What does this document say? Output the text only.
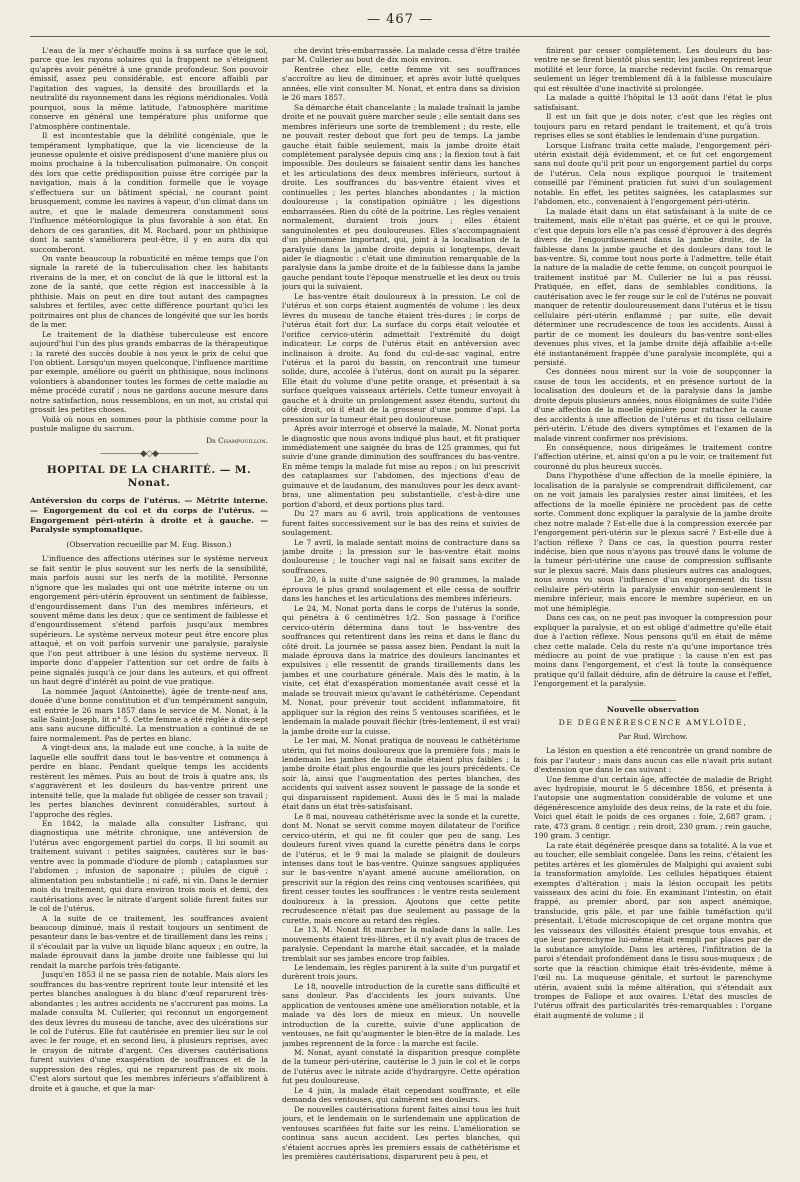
— 467 —

L'eau de la mer s'échauffe moins à sa surface que le sol, parce que les rayons solaires qui la frappent ne s'éteignent qu'après avoir pénétré à une grande profondeur. Son pouvoir émissif, assez peu considérable, est encore affaibli par l'agitation des vagues, la densité des brouillards et la neutralité du rayonnement dans les régions méridionales. Voilà pourquoi, sous la même latitude, l'atmosphère maritime conserve en général une température plus uniforme que l'atmosphère continentale.

Il est incontestable que la débilité congéniale, que le tempérament lymphatique, que la vie licencieuse de la jeunesse opulente et oisive prédisposent d'une manière plus ou moins prochaine à la tuberculisation pulmonaire. On conçoit dès lors que cette prédisposition puisse être corrigée par la navigation, mais à la condition formelle que le voyage s'effectuera sur un bâtiment spécial, ne courant point brusquement, comme les navires à vapeur, d'un climat dans un autre, et que le malade demeurera constamment sous l'influence météorologique la plus favorable à son état. En dehors de ces garanties, dit M. Rochard, pour un phthisique dont la santé s'améliorera peut-être, il y en aura dix qui succomberont.

On vante beaucoup la robusticité en même temps que l'on signale la rareté de la tuberculisation chez les habitants riverains de la mer, et on conclut de là que le littoral est la zone de la santé, que cette région est inaccessible à la phthisie. Mais on peut en dire tout autant des campagnes salubres et fertiles, avec cette différence pourtant qu'ici les poitrinaires ont plus de chances de longévité que sur les bords de la mer.

Le traitement de la diathèse tuberculeuse est encore aujourd'hui l'un des plus grands embarras de la thérapeutique : la rareté des succès double à nos yeux le prix de celui que l'on obtient. Lorsqu'un moyen quelconque, l'influence maritime par exemple, améliore ou guérit un phthisique, nous inclinons volontiers à abandonner toutes les formes de cette maladie au même procédé curatif ; nous ne gardons aucune mesure dans notre satisfaction, nous ressemblons, en un mot, au cristal qui grossit les petites choses.

Voilà où nous en sommes pour la phthisie comme pour la pustule maligne du sacrum.

Dr Champouillon.

—————◆◇◆—————
HOPITAL DE LA CHARITÉ. — M. Nonat.

Antéversion du corps de l'utérus. — Métrite interne. — Engorgement du col et du corps de l'utérus. — Engorgement péri-utérin à droite et à gauche. — Paralysie symptomatique.

(Observation recueillie par M. Eug. Bisson.)

L'influence des affections utérines sur le système nerveux se fait sentir le plus souvent sur les nerfs de la sensibilité, mais parfois aussi sur les nerfs de la motilité. Personne n'ignore que les malades qui ont une métrite interne ou un engorgement péri-utérin éprouvent un sentiment de faiblesse, d'engourdissement dans l'un des membres inférieurs, et souvent même dans les deux ; que ce sentiment de faiblesse et d'engourdissement s'étend parfois jusqu'aux membres supérieurs. Le système nerveux moteur peut être encore plus attaqué, et on voit parfois survenir une paralysie, paralysie que l'on peut attribuer à une lésion du système nerveux. Il importe donc d'appeler l'attention sur cet ordre de faits à peine signalés jusqu'à ce jour dans les auteurs, et qui offrent un haut degré d'intérêt au point de vue pratique.

La nommée Jaquot (Antoinette), âgée de trente-neuf ans, douée d'une bonne constitution et d'un tempérament sanguin, est entrée le 26 mars 1857 dans le service de M. Nonat, à la salle Saint-Joseph, lit n° 5. Cette femme a été réglée à dix-sept ans sans aucune difficulté. La menstruation a continué de se faire normalement. Pas de pertes en blanc.

A vingt-deux ans, la malade eut une couche, à la suite de laquelle elle souffrit dans tout le bas-ventre et commença à perdre en blanc. Pendant quelque temps les accidents restèrent les mêmes. Puis au bout de trois à quatre ans, ils s'aggravèrent et les douleurs du bas-ventre prirent une intensité telle, que la malade fut obligée de cesser son travail ; les pertes blanches devinrent considérables, surtout à l'approche des règles.

En 1842, la malade alla consulter Lisfranc, qui diagnostiqua une métrite chronique, une antéversion de l'utérus avec engorgement partiel du corps. Il lui soumit au traitement suivant : petites saignées, cautères sur le bas-ventre avec la pommade d'iodure de plomb ; cataplasmes sur l'abdomen ; infusion de saponaire ; pilules de ciguë ; alimentation peu substantielle ; ni café, ni vin. Dans le dernier mois du traitement, qui dura environ trois mois et demi, des cautérisations avec le nitrate d'argent solide furent faites sur le col de l'utérus.

A la suite de ce traitement, les souffrances avaient beaucoup diminué, mais il restait toujours un sentiment de pesanteur dans le bas-ventre et de tiraillement dans les reins ; il s'écoulait par la vulve un liquide blanc aqueux ; en outre, la malade éprouvait dans la jambe droite une faiblesse qui lui rendait la marche parfois très-fatigante.

Jusqu'en 1853 il ne se passa rien de notable. Mais alors les souffrances du bas-ventre reprirent toute leur intensité et les pertes blanches analogues à du blanc d'œuf reparurent très-abondantes ; les autres accidents ne s'accrurent pas moins. La malade consulta M. Cullerier, qui reconnut un engorgement des deux lèvres du museau de tanche, avec des ulcérations sur le col de l'utérus. Elle fut cautérisée en premier lieu sur le col avec le fer rouge, et en second lieu, à plusieurs reprises, avec le crayon de nitrate d'argent. Ces diverses cautérisations furent suivies d'une exaspération de souffrances et de la suppression des règles, qui ne reparurent pas de six mois. C'est alors surtout que les membres inférieurs s'affaiblirent à droite et à gauche, et que la mar-

che devint très-embarrassée. La malade cessa d'être traitée par M. Cullerier au bout de dix mois environ.

Rentrée chez elle, cette femme vit ses souffrances s'accroître au lieu de diminuer, et après avoir lutté quelques années, elle vint consulter M. Nonat, et entra dans sa division le 26 mars 1857.

Sa démarche était chancelante ; la malade traînait la jambe droite et ne pouvait guère marcher seule ; elle sentait dans ses membres inférieurs une sorte de tremblement ; du reste, elle ne pouvait rester debout que fort peu de temps. La jambe gauche était faible seulement, mais la jambe droite était complètement paralysée depuis cinq ans ; la flexion tout à fait impossible. Des douleurs se faisaient sentir dans les hanches et les articulations des deux membres inférieurs, surtout à droite. Les souffrances du bas-ventre étaient vives et continuelles ; les pertes blanches abondantes ; la miction douloureuse ; la constipation opiniâtre ; les digestions embarrassées. Rien du côté de la poitrine. Les règles venaient normalement, duraient trois jours ; elles étaient sanguinolentes et peu douloureuses. Elles s'accompagnaient d'un phénomène important, qui, joint à la localisation de la paralysie dans la jambe droite depuis si longtemps, devait aider le diagnostic : c'était une diminution remarquable de la paralysie dans la jambe droite et de la faiblesse dans la jambe gauche pendant toute l'époque menstruelle et les deux ou trois jours qui la suivaient.

Le bas-ventre était douloureux à la pression. Le col de l'utérus et son corps étaient augmentés de volume : les deux lèvres du museau de tanche étaient très-dures ; le corps de l'utérus était fort dur. La surface du corps était veloutée et l'orifice cervico-utérin admettait l'extrémité du doigt indicateur. Le corps de l'utérus était en antéversion avec inclinaison à droite. Au fond du cul-de-sac vaginal, entre l'utérus et la paroi du bassin, on rencontrait une tumeur solide, dure, accolée à l'utérus, dont on aurait pu la séparer. Elle était du volume d'une petite orange, et présentait à sa surface quelques vaisseaux artériels. Cette tumeur envoyait à gauche et à droite un prolongement assez étendu, surtout du côté droit, où il était de la grosseur d'une pomme d'api. La pression sur la tumeur était peu douloureuse.

Après avoir interrogé et observé la malade, M. Nonat porta le diagnostic que nous avons indiqué plus haut, et fit pratiquer immédiatement une saignée du bras de 125 grammes, qui fut suivie d'une grande diminution des souffrances du bas-ventre. En même temps la malade fut mise au repos ; on lui prescrivit des cataplasmes sur l'abdomen, des injections d'eau de guimauve et de laudanum, des manuluves pour les deux avant-bras, une alimentation peu substantielle, c'est-à-dire une portion d'abord, et deux portions plus tard.

Du 27 mars au 6 avril, trois applications de ventouses furent faites successivement sur le bas des reins et suivies de soulagement.

Le 7 avril, la malade sentait moins de contracture dans sa jambe droite ; la pression sur le bas-ventre était moins douloureuse ; le toucher vagi nal se faisait sans exciter de souffrances.

Le 20, à la suite d'une saignée de 90 grammes, la malade éprouva le plus grand soulagement et elle cessa de souffrir dans les hanches et les articulations des membres inférieurs.

Le 24, M. Nonat porta dans le corps de l'utérus la sonde, qui pénétra à 6 centimètres 1/2. Son passage à l'orifice cervico-utérin détermina dans tout le bas-ventre des souffrances qui retentirent dans les reins et dans le flanc du côté droit. La journée se passa assez bien. Pendant la nuit la malade éprouva dans la matrice des douleurs lancinantes et expulsives ; elle ressentit de grands tiraillements dans les jambes et une courbature générale. Mais dès le matin, à la visite, cet état d'exaspération momentanée avait cessé et la malade se trouvait mieux qu'avant le cathétérisme. Cependant M. Nonat, pour prévenir tout accident inflammatoire, fit appliquer sur la région des reins 5 ventouses scarifiées, et le lendemain la malade pouvait fléchir (très-lentement, il est vrai) la jambe droite sur la cuisse.

Le 1er mai, M. Nonat pratiqua de nouveau le cathétérisme utérin, qui fut moins douloureux que la première fois ; mais le lendemain les jambes de la malade étaient plus faibles ; la jambe droite était plus engourdie que les jours précédents. Ce soir là, ainsi que l'augmentation des pertes blanches, des accidents qui suivent assez souvent le passage de la sonde et qui disparaissent rapidement. Aussi dès le 5 mai la malade était dans un état très-satisfaisant.

Le 8 mai, nouveau cathétérisme avec la sonde et la curette, dont M. Nonat se servit comme moyen dilatateur de l'orifice cervico-utérin, et qui ne fit couler que peu de sang. Les douleurs furent vives quand la curette pénétra dans le corps de l'utérus, et le 9 mai la malade se plaignit de douleurs intenses dans tout le bas-ventre. Quinze sangsues appliquées sur le bas-ventre n'ayant amené aucune amélioration, on prescrivit sur la région des reins cinq ventouses scarifiées, qui firent cesser toutes les souffrances : le ventre resta seulement douloureux à la pression. Ajoutons que cette petite recrudescence n'était pas due seulement au passage de la curette, mais encore au retard des règles.

Le 13, M. Nonat fit marcher la malade dans la salle. Les mouvements étaient très-libres, et il n'y avait plus de traces de paralysie. Cependant la marche était saccadée, et la malade tremblait sur ses jambes encore trop faibles.

Le lendemain, les règles parurent à la suite d'un purgatif et durèrent trois jours.

Le 18, nouvelle introduction de la curette sans difficulté et sans douleur. Pas d'accidents les jours suivants. Une application de ventouses amène une amélioration notable, et la malade va dès lors de mieux en mieux. Un nouvelle introduction de la curette, suivie d'une application de ventouses, ne fait qu'augmenter le bien-être de la malade. Les jambes reprennent de la force : la marche est facile.

M. Nonat, ayant constaté la disparition presque complète de la tumeur péri-utérine, cautérise le 3 juin le col et le corps de l'utérus avec le nitrate acide d'hydrargyre. Cette opération fut peu douloureuse.

Le 4 juin, la malade était cependant souffrante, et elle demanda des ventouses, qui calmèrent ses douleurs.

De nouvelles cautérisations furent faites ainsi tous les huit jours, et le lendemain on le surlendemain une application de ventouses scarifiées fut faite sur les reins. L'amélioration se continua sans aucun accident. Les pertes blanches, qui s'étaient accrues après les premiers essais de cathétérisme et les premières cautérisations, disparurent peu à peu, et

finirent par cesser complètement. Les douleurs du bas-ventre ne se firent bientôt plus sentir, les jambes reprirent leur motilité et leur force, la marche redevint facile. On remarque seulement un léger tremblement dû à la faiblesse musculaire qui est résultée d'une inactivité si prolongée.

La malade a quitté l'hôpital le 13 août dans l'état le plus satisfaisant.

Il est un fait que je dois noter, c'est que les règles ont toujours paru en retard pendant le traitement, et qu'à trois reprises elles se sont établies le lendemain d'une purgation.

Lorsque Lisfranc traita cette malade, l'engorgement péri-utérin existait déjà évidemment, et ce fut cet engorgement sans nul doute qu'il prit pour un engorgement partiel du corps de l'utérus. Cela nous explique pourquoi le traitement conseillé par l'éminent praticien fut suivi d'un soulagement notable. En effet, les petites saignées, les cataplasmes sur l'abdomen, etc., convenaient à l'engorgement péri-utérin.

La malade était dans un état satisfaisant à la suite de ce traitement, mais elle n'était pas guérie, et ce qui le prouve, c'est que depuis lors elle n'a pas cessé d'éprouver à des degrés divers de l'engourdissement dans la jambe droite, de la faiblesse dans la jambe gauche et des douleurs dans tout le bas-ventre. Si, comme tout nous porte à l'admettre, telle était la nature de la maladie de cette femme, on conçoit pourquoi le traitement institué par M. Cullerier ne lui a pas réussi. Pratiquée, en effet, dans de semblables conditions, la cautérisation avec le fer rouge sur le col de l'utérus ne pouvait manquer de retentir douloureusement dans l'utérus et le tissu cellulaire péri-utérin enflammé ; par suite, elle devait déterminer une recrudescence de tous les accidents. Aussi à partir de ce moment les douleurs du bas-ventre sont-elles devenues plus vives, et la jambe droite déjà affaiblie a-t-elle été instantanément frappée d'une paralysie incomplète, qui a persisté.

Ces données nous mirent sur la voie de soupçonner la cause de tous les accidents, et en présence surtout de la localisation des douleurs et de la paralysie dans la jambe droite depuis plusieurs années, nous éloignâmes de suite l'idée d'une affection de la moelle épinière pour rattacher la cause des accidents à une affection de l'utérus et du tissu cellulaire péri-utérin. L'étude des divers symptômes et l'examen de la malade vinrent confirmer nos prévisions.

En conséquence, nous dirigeâmes le traitement contre l'affection utérine, et, ainsi qu'on a pu le voir, ce traitement fut couronné du plus heureux succès.

Dans l'hypothèse d'une affection de la moelle épinière, la localisation de la paralysie se comprendrait difficilement, car on ne voit jamais les paralysies rester ainsi limitées, et les affections de la moelle épinière ne procèdent pas de cette sorte. Comment donc expliquer la paralysie de la jambe droite chez notre malade ? Est-elle due à la compression exercée par l'engorgement péri-utérin sur le plexus sacré ? Est-elle due à l'action réflexe ? Dans ce cas, la question pourra rester indécise, bien que nous n'ayons pas trouvé dans le volume de la tumeur péri-utérine une cause de compression suffisante sur le plexus sacré. Mais dans plusieurs autres cas analogues, nous avons vu sous l'influence d'un engorgement du tissu cellulaire péri-utérin la paralysie envahir non-seulement le membre inférieur, mais encore le membre supérieur, en un mot une hémiplégie.

Dans ces cas, on ne peut pas invoquer la compression pour expliquer la paralysie, et on est obligé d'admettre qu'elle était due à l'action réflexe. Nous pensons qu'il en était de même chez cette malade. Cela du reste n'a qu'une importance très médiocre au point de vue pratique : la cause n'en est pas moins dans l'engorgement, et c'est là toute la conséquence pratique qu'il fallait déduire, afin de détruire la cause et l'effet, l'engorgement et la paralysie.

Nouvelle observation

DE DÉGÉNÉRESCENCE AMYLOÏDE,

Par Rud. Wirchow.

La lésion en question a été rencontrée un grand nombre de fois par l'auteur ; mais dans aucun cas elle n'avait pris autant d'extension que dans le cas suivant :

Une femme d'un certain âge, affectée de maladie de Bright avec hydropisie, mourut le 5 décembre 1856, et présenta à l'autopsie une augmentation considérable de volume et une dégénérescence amyloïde des deux reins, de la rate et du foie. Voici quel était le poids de ces organes : foie, 2,687 gram. ; rate, 473 gram. 8 centigr. ; rein droit, 230 gram. ; rein gauche, 190 gram. 3 centigr.

La rate était dégénérée presque dans sa totalité. A la vue et au toucher, elle semblait congelée. Dans les reins, c'étaient les petites artères et les glomérules de Malpighi qui avaient subi la transformation amyloïde. Les cellules hépatiques étaient exemptes d'altération ; mais la lésion occupait les petits vaisseaux des acini du foie. En examinant l'intestin, on était frappé, au premier abord, par son aspect anémique, translucide, gris pâle, et par une faible tuméfaction qu'il présentait. L'étude microscopique de cet organe montra que les vaisseaux des villosités étaient presque tous envahis, et que leur parenchyme lui-même était rempli par places par de la substance amyloïde. Dans les artères, l'infiltration de la paroi s'étendait profondément dans le tissu sous-muqueux ; de sorte que la réaction chimique était très-évidente, même à l'œil nu. La muqueuse génitale, et surtout le parenchyme utérin, avaient subi la même altération, qui s'étendait aux trompes de Fallope et aux ovaires. L'état des muscles de l'utérus offrait des particularités très-remarquables : l'organe était augmenté de volume ; il
